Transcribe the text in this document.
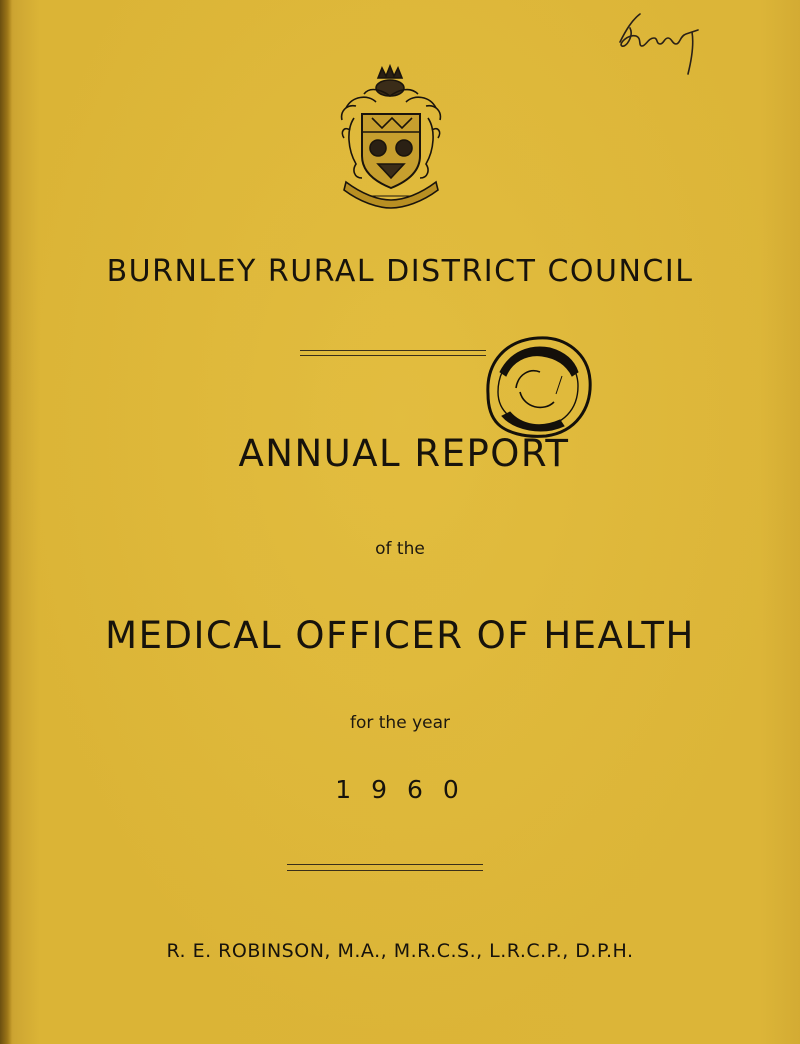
BURNLEY RURAL DISTRICT COUNCIL
ANNUAL REPORT
of the
MEDICAL OFFICER OF HEALTH
for the year
1 9 6 0
R. E. ROBINSON, M.A., M.R.C.S., L.R.C.P., D.P.H.
